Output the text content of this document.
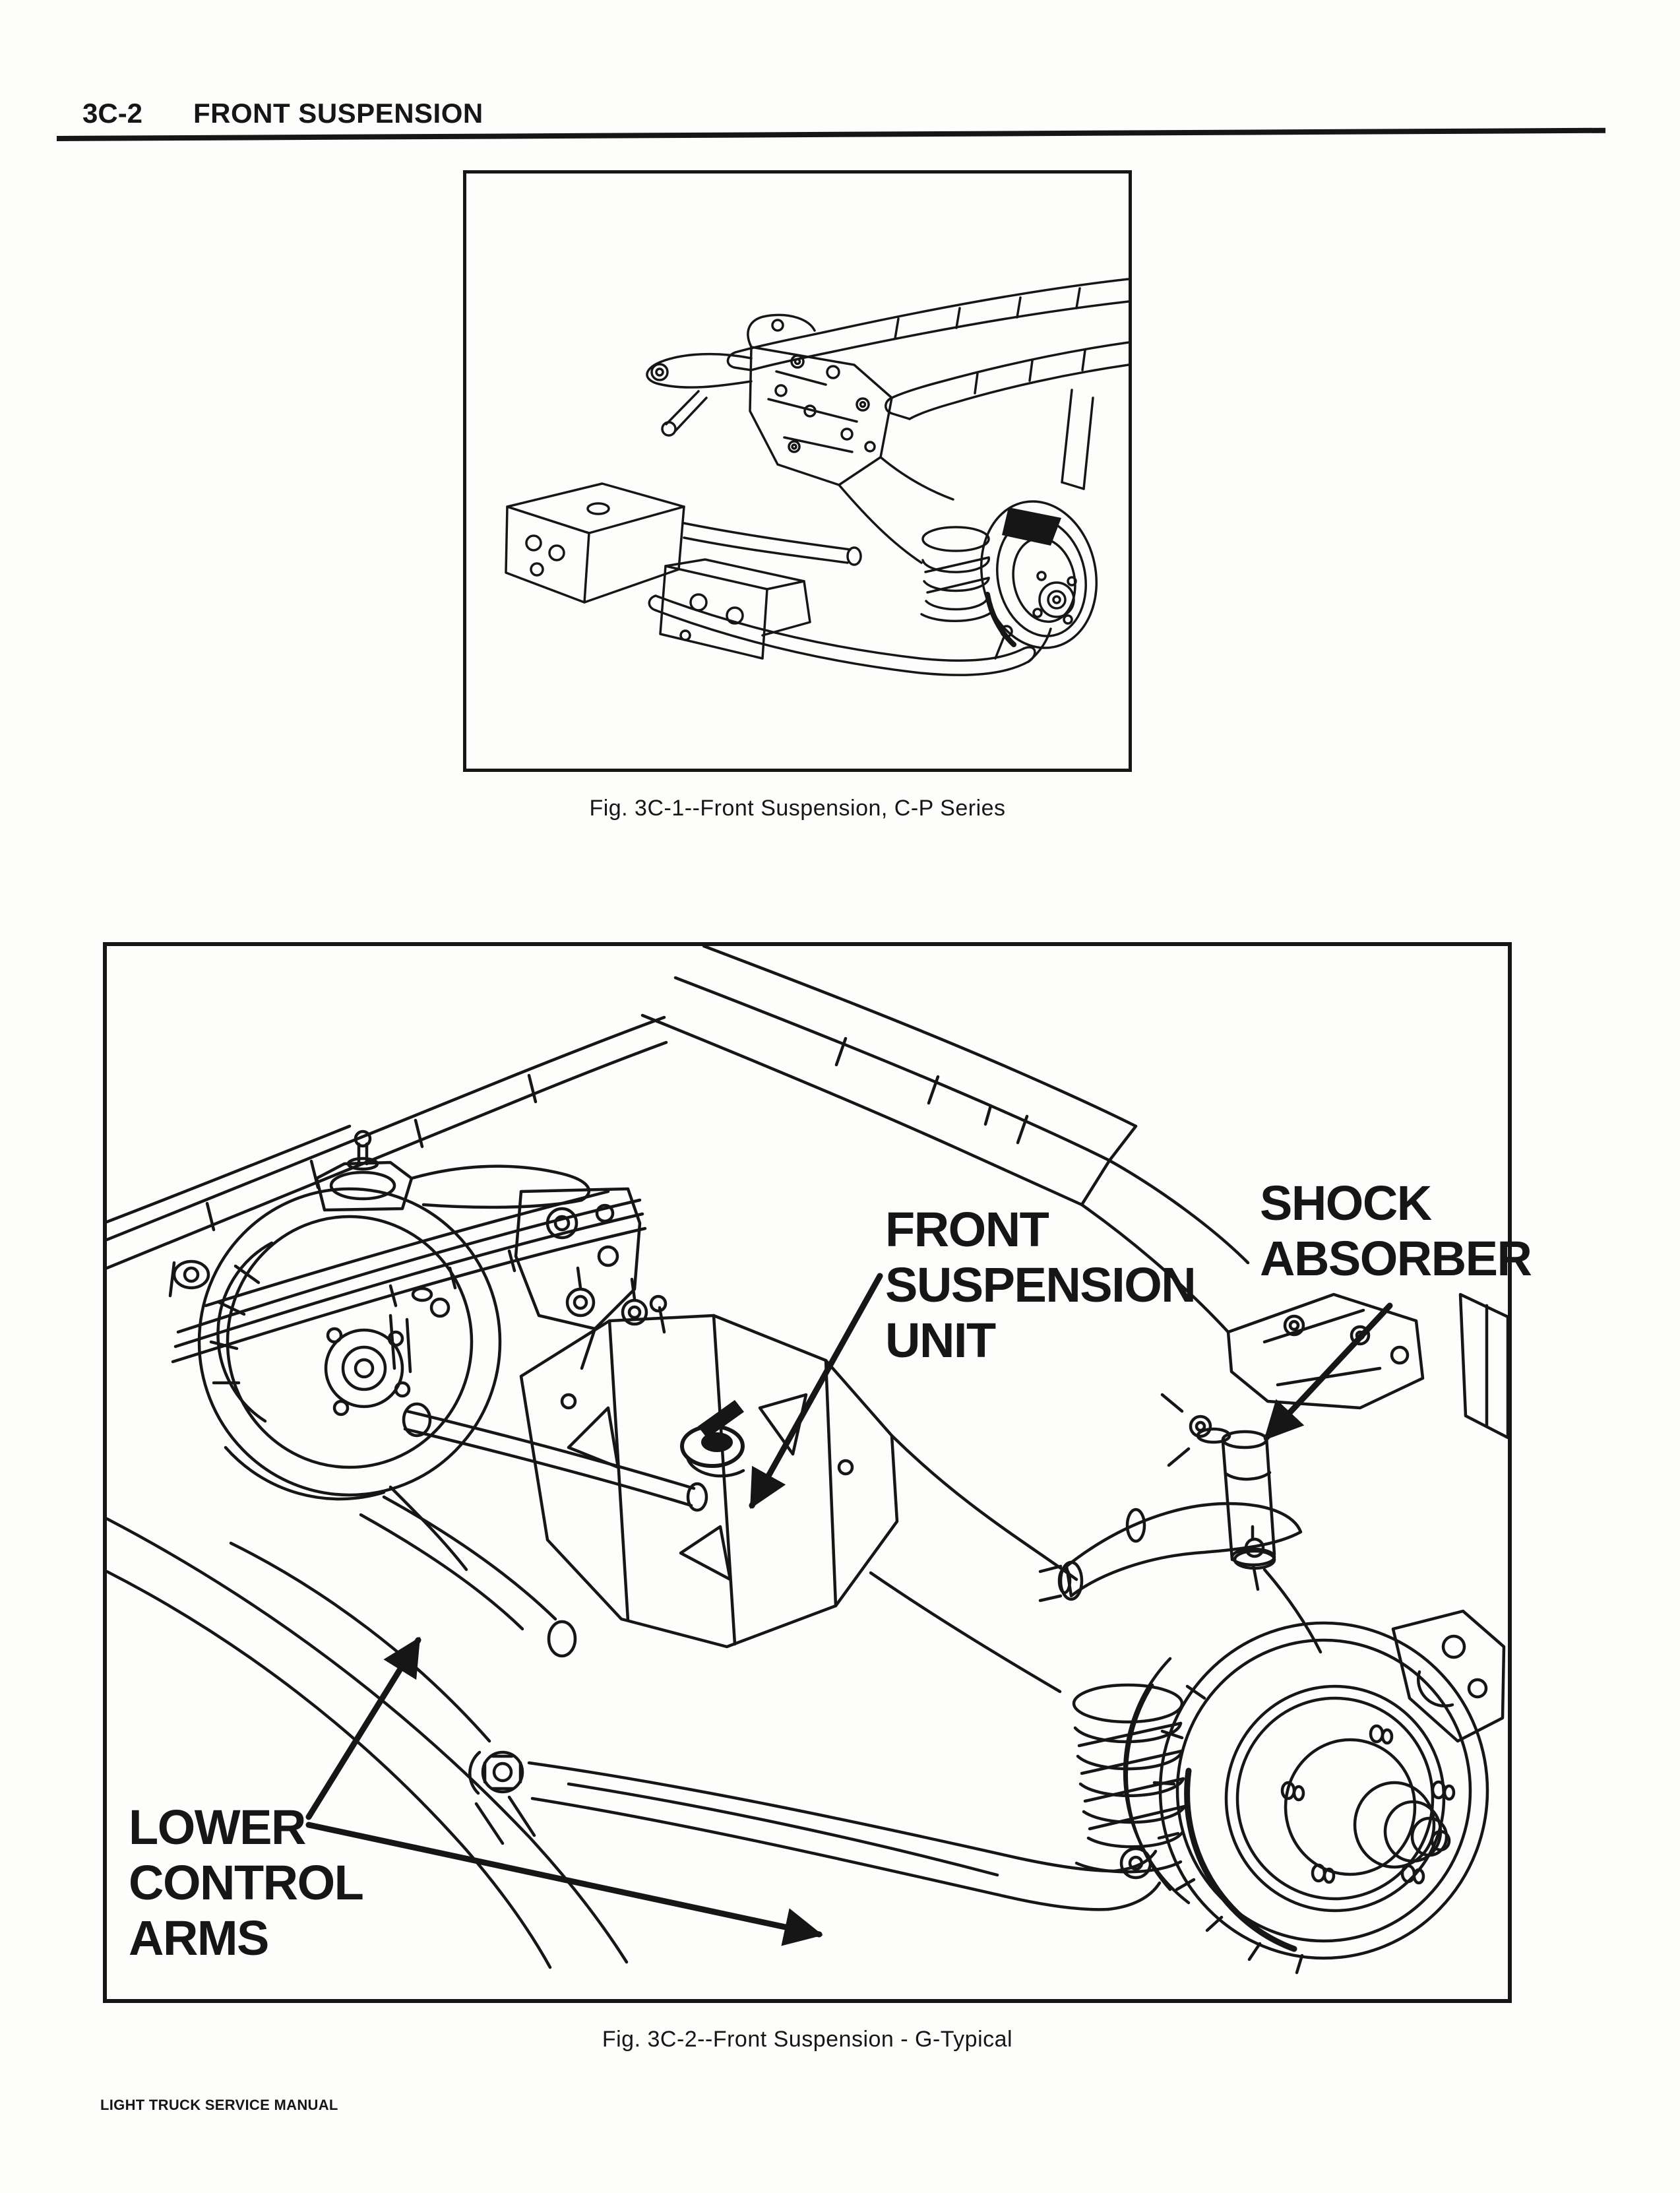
3C-2 FRONT SUSPENSION
Fig. 3C-1--Front Suspension, C-P Series
FRONT
SUSPENSION
UNIT
SHOCK
ABSORBER
LOWER
CONTROL
ARMS
Fig. 3C-2--Front Suspension - G-Typical
LIGHT TRUCK SERVICE MANUAL
